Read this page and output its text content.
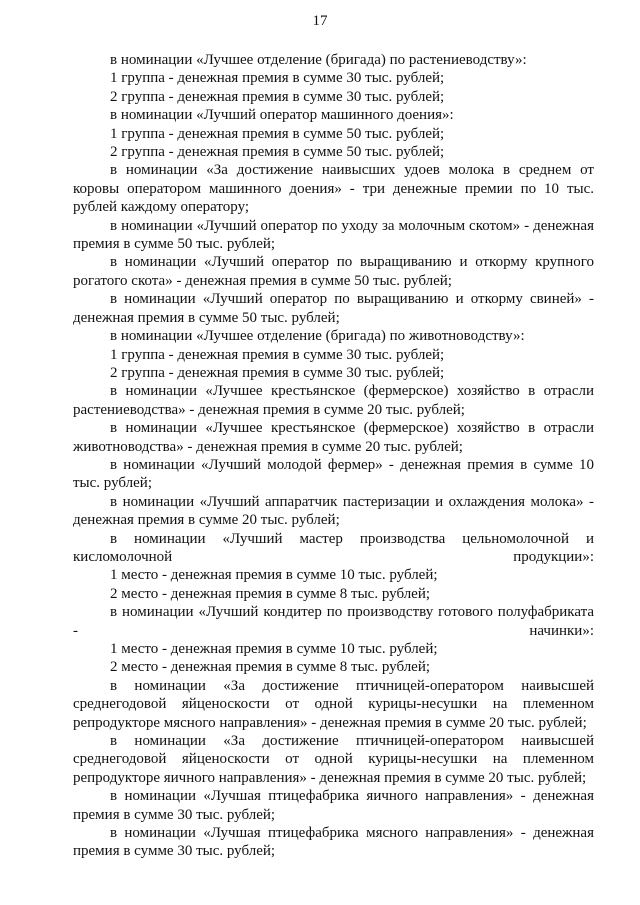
17

в номинации «Лучшее отделение (бригада) по растениеводству»:

1 группа - денежная премия в сумме 30 тыс. рублей;

2 группа - денежная премия в сумме 30 тыс. рублей;

в номинации «Лучший оператор машинного доения»:

1 группа - денежная премия в сумме 50 тыс. рублей;

2 группа - денежная премия в сумме 50 тыс. рублей;

в номинации «За достижение наивысших удоев молока в среднем от коровы оператором машинного доения» - три денежные премии по 10 тыс. рублей каждому оператору;

в номинации «Лучший оператор по уходу за молочным скотом» - денежная премия в сумме 50 тыс. рублей;

в номинации «Лучший оператор по выращиванию и откорму крупного рогатого скота» - денежная премия в сумме 50 тыс. рублей;

в номинации «Лучший оператор по выращиванию и откорму свиней» - денежная премия в сумме 50 тыс. рублей;

в номинации «Лучшее отделение (бригада) по животноводству»:

1 группа - денежная премия в сумме 30 тыс. рублей;

2 группа - денежная премия в сумме 30 тыс. рублей;

в номинации «Лучшее крестьянское (фермерское) хозяйство в отрасли растениеводства» - денежная премия в сумме 20 тыс. рублей;

в номинации «Лучшее крестьянское (фермерское) хозяйство в отрасли животноводства» - денежная премия в сумме 20 тыс. рублей;

в номинации «Лучший молодой фермер» - денежная премия в сумме 10 тыс. рублей;

в номинации «Лучший аппаратчик пастеризации и охлаждения молока» - денежная премия в сумме 20 тыс. рублей;

в номинации «Лучший мастер производства цельномолочной и кисломолочной продукции»:

1 место - денежная премия в сумме 10 тыс. рублей;

2 место - денежная премия в сумме 8 тыс. рублей;

в номинации «Лучший кондитер по производству готового полуфабриката - начинки»:

1 место - денежная премия в сумме 10 тыс. рублей;

2 место - денежная премия в сумме 8 тыс. рублей;

в номинации «За достижение птичницей-оператором наивысшей среднегодовой яйценоскости от одной курицы-несушки на племенном репродукторе мясного направления» - денежная премия в сумме 20 тыс. рублей;

в номинации «За достижение птичницей-оператором наивысшей среднегодовой яйценоскости от одной курицы-несушки на племенном репродукторе яичного направления» - денежная премия в сумме 20 тыс. рублей;

в номинации «Лучшая птицефабрика яичного направления» - денежная премия в сумме 30 тыс. рублей;

в номинации «Лучшая птицефабрика мясного направления» - денежная премия в сумме 30 тыс. рублей;
